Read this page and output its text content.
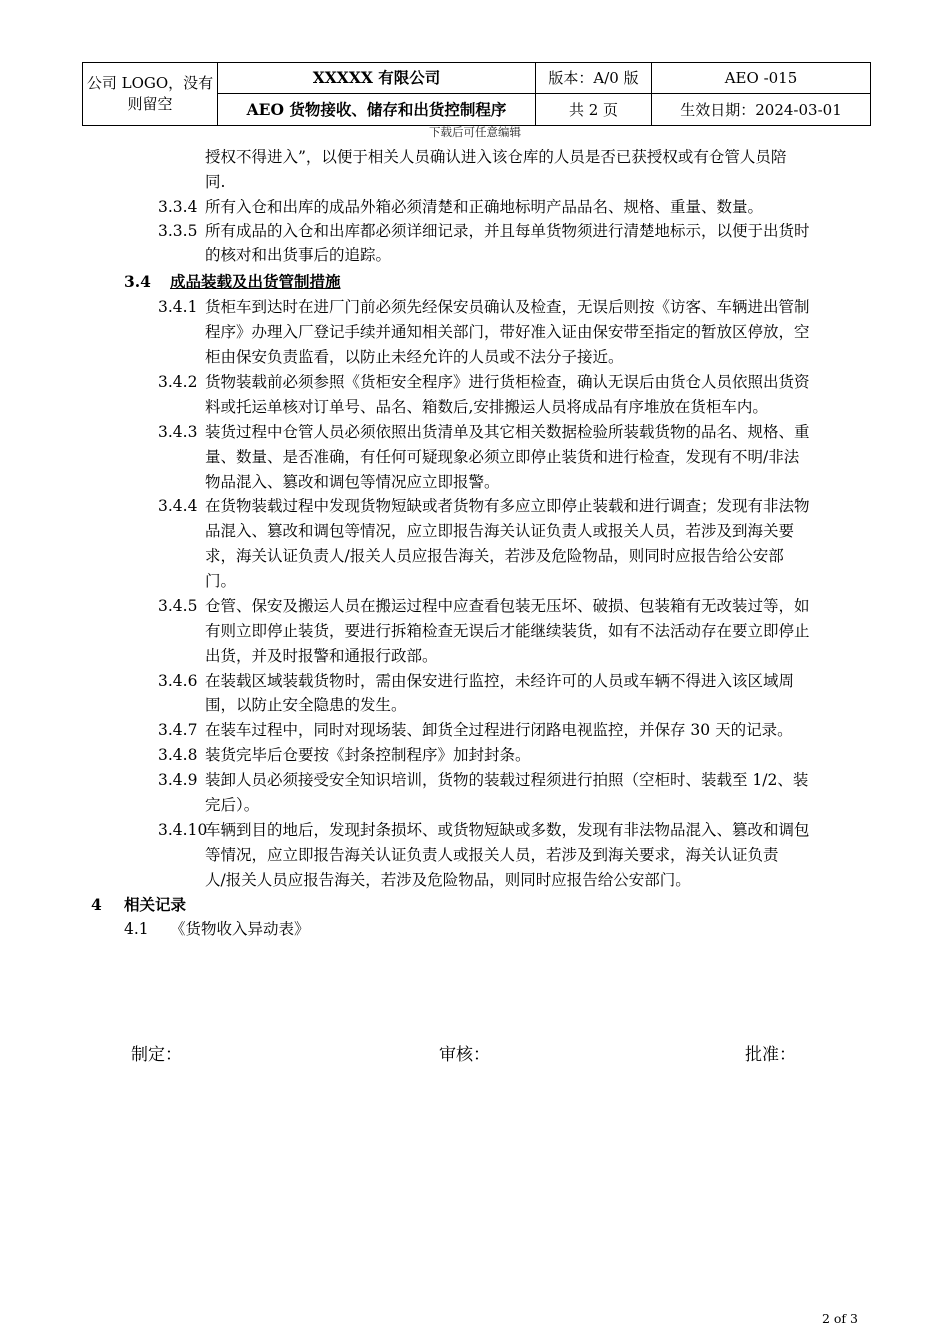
公司 LOGO，没有则留空	XXXXX 有限公司	版本：A/0 版	AEO -015
	AEO 货物接收、储存和出货控制程序	共 2 页	生效日期：2024-03-01
下载后可任意编辑
授权不得进入”，以便于相关人员确认进入该仓库的人员是否已获授权或有仓管人员陪
同.
3.3.4 所有入仓和出库的成品外箱必须清楚和正确地标明产品品名、规格、重量、数量。
3.3.5 所有成品的入仓和出库都必须详细记录，并且每单货物须进行清楚地标示，以便于出货时
的核对和出货事后的追踪。
3.4 成品装载及出货管制措施
3.4.1 货柜车到达时在进厂门前必须先经保安员确认及检查，无误后则按《访客、车辆进出管制
程序》办理入厂登记手续并通知相关部门，带好准入证由保安带至指定的暂放区停放，空
柜由保安负责监看，以防止未经允许的人员或不法分子接近。
3.4.2 货物装载前必须参照《货柜安全程序》进行货柜检查，确认无误后由货仓人员依照出货资
料或托运单核对订单号、品名、箱数后,安排搬运人员将成品有序堆放在货柜车内。
3.4.3 装货过程中仓管人员必须依照出货清单及其它相关数据检验所装载货物的品名、规格、重
量、数量、是否准确，有任何可疑现象必须立即停止装货和进行检查，发现有不明/非法
物品混入、篡改和调包等情况应立即报警。
3.4.4 在货物装载过程中发现货物短缺或者货物有多应立即停止装载和进行调查；发现有非法物
品混入、篡改和调包等情况，应立即报告海关认证负责人或报关人员，若涉及到海关要
求，海关认证负责人/报关人员应报告海关，若涉及危险物品，则同时应报告给公安部
门。
3.4.5 仓管、保安及搬运人员在搬运过程中应查看包装无压坏、破损、包装箱有无改装过等，如
有则立即停止装货，要进行拆箱检查无误后才能继续装货，如有不法活动存在要立即停止
出货，并及时报警和通报行政部。
3.4.6 在装载区域装载货物时，需由保安进行监控，未经许可的人员或车辆不得进入该区域周
围，以防止安全隐患的发生。
3.4.7 在装车过程中，同时对现场装、卸货全过程进行闭路电视监控，并保存 30 天的记录。
3.4.8 装货完毕后仓要按《封条控制程序》加封封条。
3.4.9 装卸人员必须接受安全知识培训，货物的装载过程须进行拍照（空柜时、装载至 1/2、装
完后）。
3.4.10
车辆到目的地后，发现封条损坏、或货物短缺或多数，发现有非法物品混入、篡改和调包
等情况，应立即报告海关认证负责人或报关人员，若涉及到海关要求，海关认证负责
人/报关人员应报告海关，若涉及危险物品，则同时应报告给公安部门。
4 相关记录
4.1 《货物收入异动表》
制定：	审核：	批准：
2 of 3
